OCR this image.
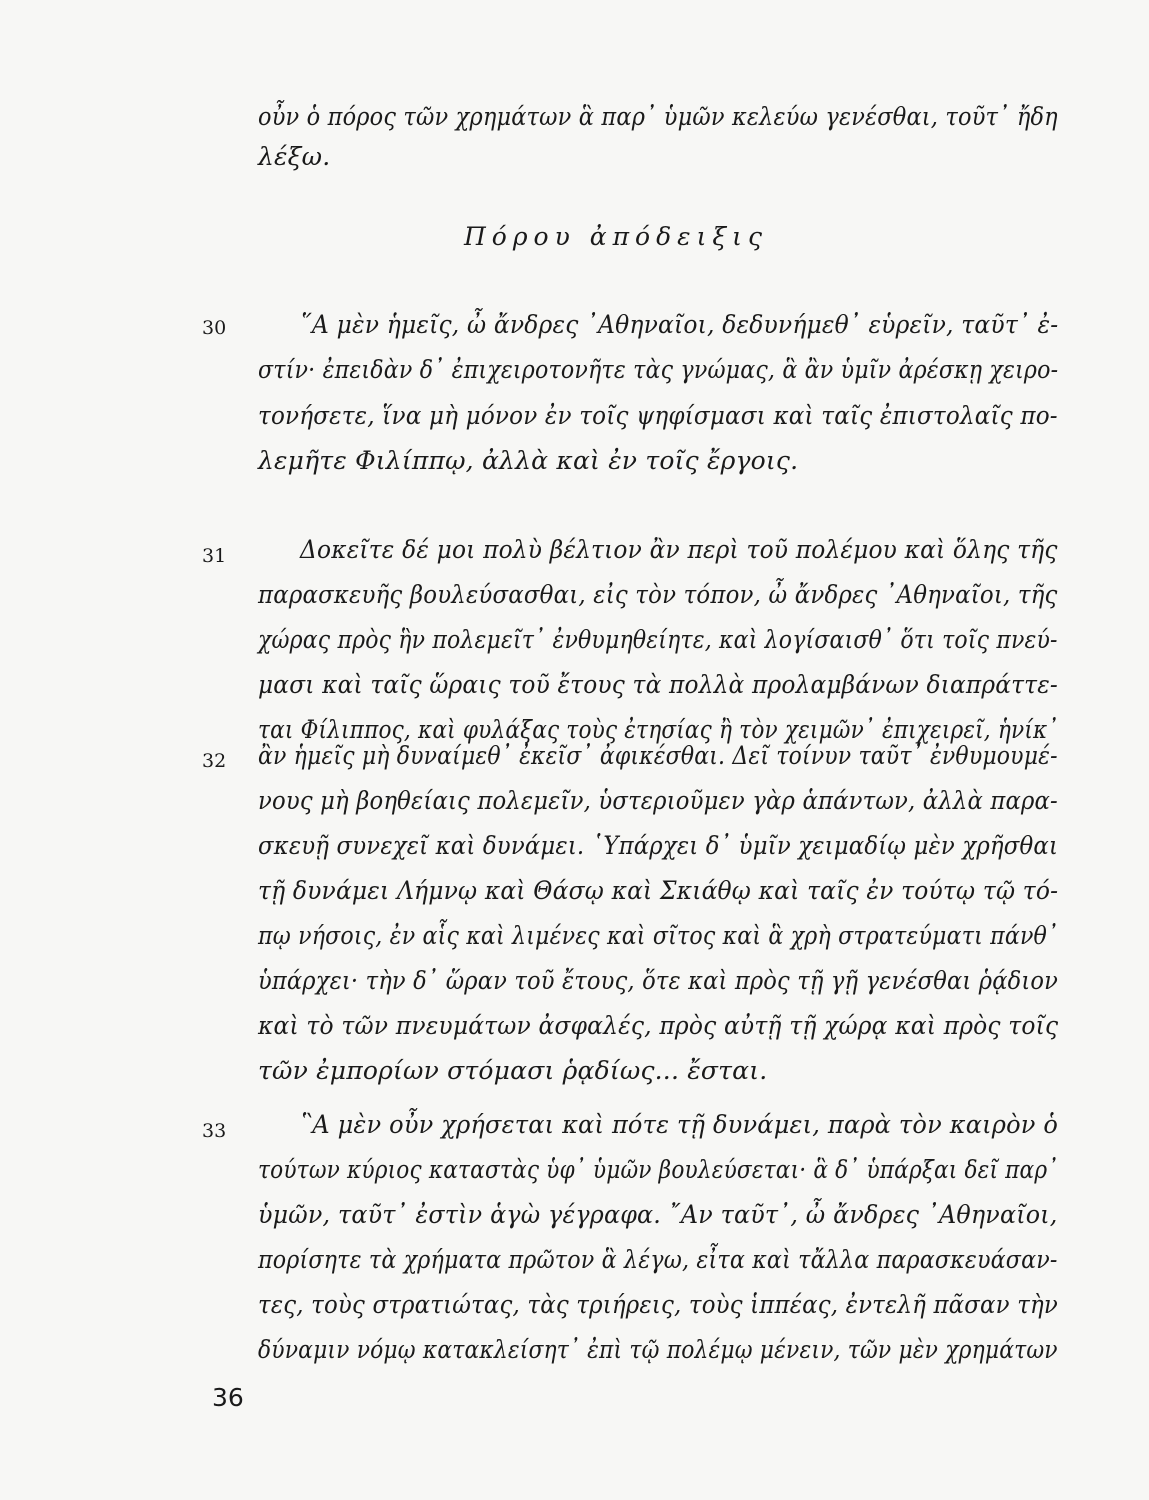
οὖν ὁ πόρος τῶν χρημάτων ἃ παρ᾽ ὑμῶν κελεύω γενέσθαι, τοῦτ᾽ ἤδη
λέξω.
Πόρου ἀπόδειξις
30	῞Α μὲν ἡμεῖς, ὦ ἄνδρες ᾽Αθηναῖοι, δεδυνήμεθ᾽ εὑρεῖν, ταῦτ᾽ ἐ-
στίν· ἐπειδὰν δ᾽ ἐπιχειροτονῆτε τὰς γνώμας, ἃ ἂν ὑμῖν ἀρέσκῃ χειρο-
τονήσετε, ἵνα μὴ μόνον ἐν τοῖς ψηφίσμασι καὶ ταῖς ἐπιστολαῖς πο-
λεμῆτε Φιλίππῳ, ἀλλὰ καὶ ἐν τοῖς ἔργοις.
31	Δοκεῖτε δέ μοι πολὺ βέλτιον ἂν περὶ τοῦ πολέμου καὶ ὅλης τῆς
παρασκευῆς βουλεύσασθαι, εἰς τὸν τόπον, ὦ ἄνδρες ᾽Αθηναῖοι, τῆς
χώρας πρὸς ἣν πολεμεῖτ᾽ ἐνθυμηθείητε, καὶ λογίσαισθ᾽ ὅτι τοῖς πνεύ-
μασι καὶ ταῖς ὥραις τοῦ ἔτους τὰ πολλὰ προλαμβάνων διαπράττε-
ται Φίλιππος, καὶ φυλάξας τοὺς ἐτησίας ἢ τὸν χειμῶν᾽ ἐπιχειρεῖ, ἡνίκ᾽
32 ἂν ἡμεῖς μὴ δυναίμεθ᾽ ἐκεῖσ᾽ ἀφικέσθαι. Δεῖ τοίνυν ταῦτ᾽ ἐνθυμουμέ-
νους μὴ βοηθείαις πολεμεῖν, ὑστεριοῦμεν γὰρ ἁπάντων, ἀλλὰ παρα-
σκευῇ συνεχεῖ καὶ δυνάμει. ῾Υπάρχει δ᾽ ὑμῖν χειμαδίῳ μὲν χρῆσθαι
τῇ δυνάμει Λήμνῳ καὶ Θάσῳ καὶ Σκιάθῳ καὶ ταῖς ἐν τούτῳ τῷ τό-
πῳ νήσοις, ἐν αἷς καὶ λιμένες καὶ σῖτος καὶ ἃ χρὴ στρατεύματι πάνθ᾽
ὑπάρχει· τὴν δ᾽ ὥραν τοῦ ἔτους, ὅτε καὶ πρὸς τῇ γῇ γενέσθαι ῥᾴδιον
καὶ τὸ τῶν πνευμάτων ἀσφαλές, πρὸς αὐτῇ τῇ χώρᾳ καὶ πρὸς τοῖς
τῶν ἐμπορίων στόμασι ῥᾳδίως... ἔσται.
33	῝Α μὲν οὖν χρήσεται καὶ πότε τῇ δυνάμει, παρὰ τὸν καιρὸν ὁ
τούτων κύριος καταστὰς ὑφ᾽ ὑμῶν βουλεύσεται· ἃ δ᾽ ὑπάρξαι δεῖ παρ᾽
ὑμῶν, ταῦτ᾽ ἐστὶν ἁγὼ γέγραφα. ῎Αν ταῦτ᾽, ὦ ἄνδρες ᾽Αθηναῖοι,
πορίσητε τὰ χρήματα πρῶτον ἃ λέγω, εἶτα καὶ τἄλλα παρασκευάσαν-
τες, τοὺς στρατιώτας, τὰς τριήρεις, τοὺς ἱππέας, ἐντελῆ πᾶσαν τὴν
δύναμιν νόμῳ κατακλείσητ᾽ ἐπὶ τῷ πολέμῳ μένειν, τῶν μὲν χρημάτων
36
